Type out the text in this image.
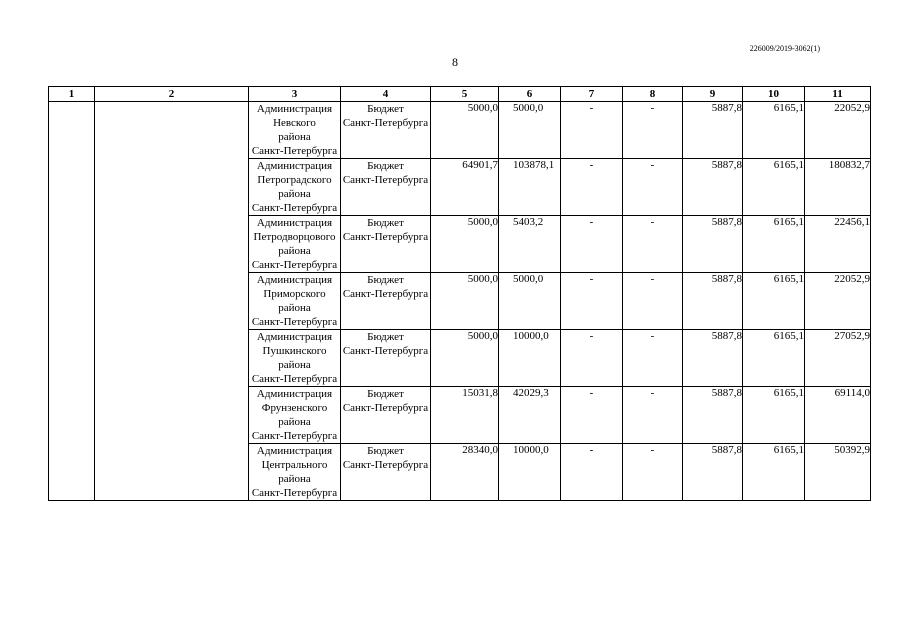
226009/2019-3062(1)
8
1	2	3	4	5	6	7	8	9	10	11
		Администрация
Невского
района
Санкт-Петербурга	Бюджет
Санкт-Петербурга	5000,0	5000,0	-	-	5887,8	6165,1	22052,9
		Администрация
Петроградского
района
Санкт-Петербурга	Бюджет
Санкт-Петербурга	64901,7	103878,1	-	-	5887,8	6165,1	180832,7
		Администрация
Петродворцового
района
Санкт-Петербурга	Бюджет
Санкт-Петербурга	5000,0	5403,2	-	-	5887,8	6165,1	22456,1
		Администрация
Приморского
района
Санкт-Петербурга	Бюджет
Санкт-Петербурга	5000,0	5000,0	-	-	5887,8	6165,1	22052,9
		Администрация
Пушкинского
района
Санкт-Петербурга	Бюджет
Санкт-Петербурга	5000,0	10000,0	-	-	5887,8	6165,1	27052,9
		Администрация
Фрунзенского
района
Санкт-Петербурга	Бюджет
Санкт-Петербурга	15031,8	42029,3	-	-	5887,8	6165,1	69114,0
		Администрация
Центрального
района
Санкт-Петербурга	Бюджет
Санкт-Петербурга	28340,0	10000,0	-	-	5887,8	6165,1	50392,9
